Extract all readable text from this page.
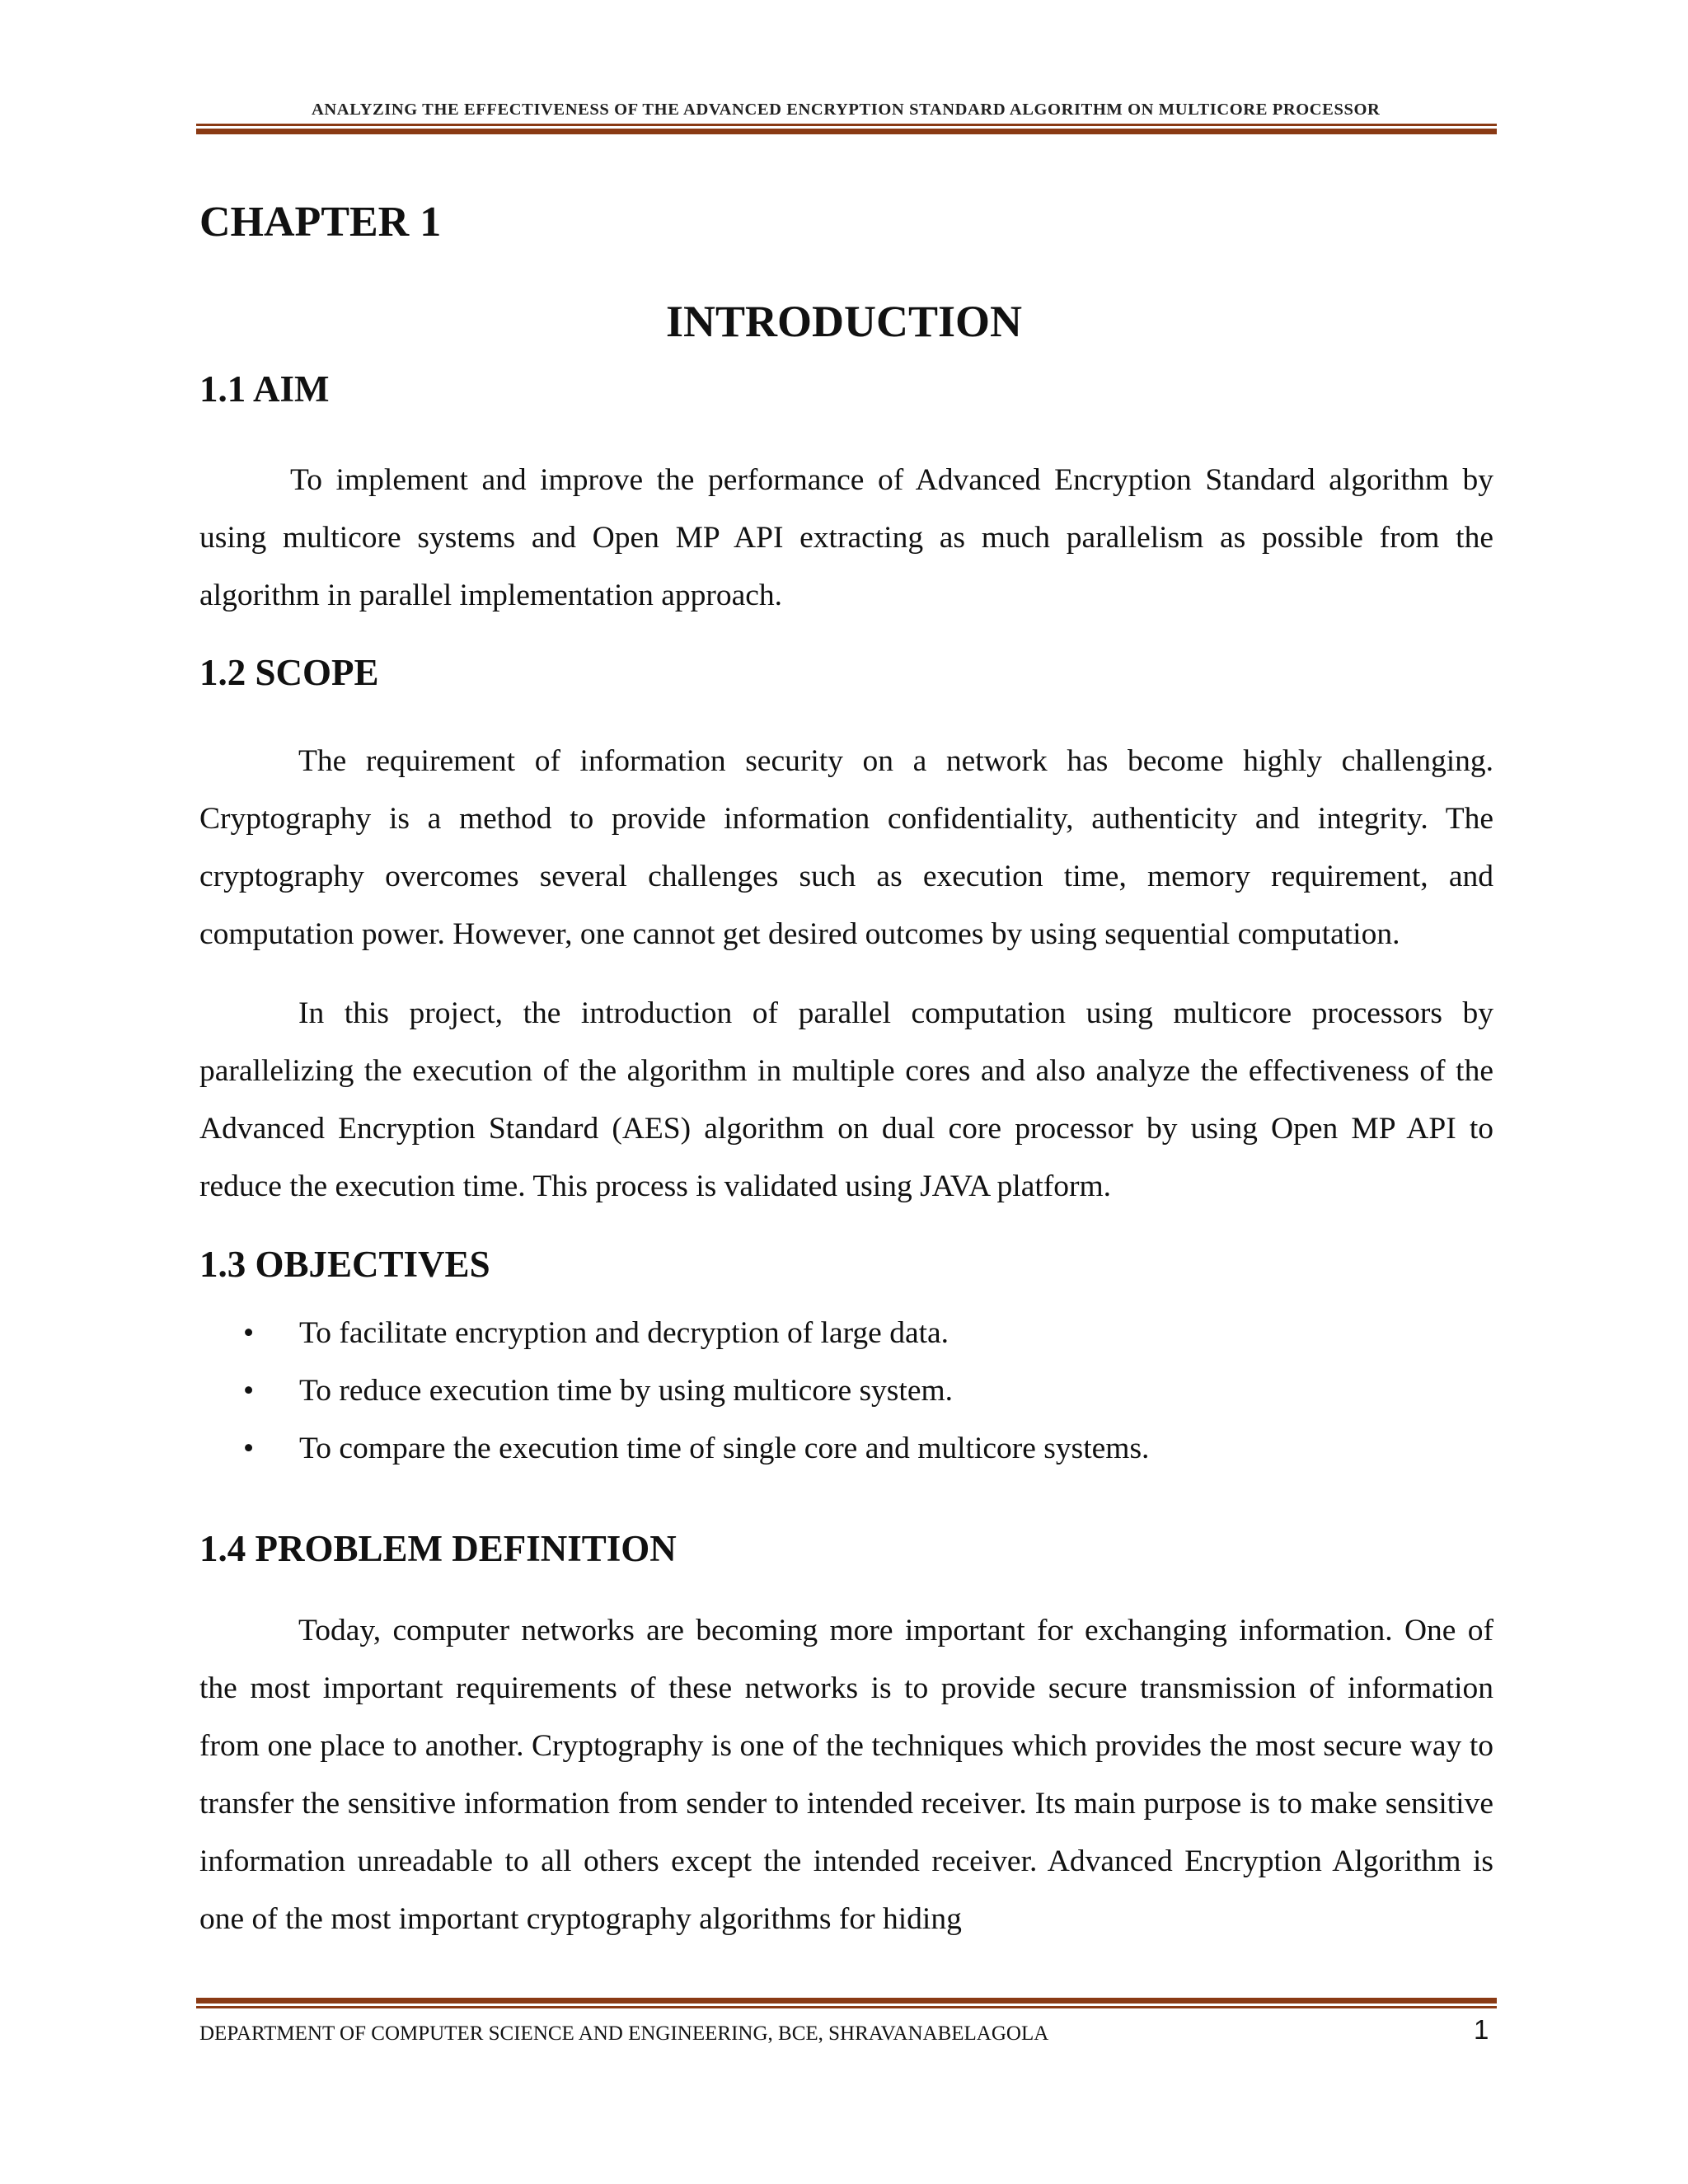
ANALYZING THE EFFECTIVENESS OF THE ADVANCED ENCRYPTION STANDARD ALGORITHM ON MULTICORE PROCESSOR
CHAPTER 1
INTRODUCTION
1.1 AIM
To implement and improve the performance of Advanced Encryption Standard algorithm by using multicore systems and Open MP API extracting as much parallelism as possible from the algorithm in parallel implementation approach.
1.2 SCOPE
The requirement of information security on a network has become highly challenging. Cryptography is a method to provide information confidentiality, authenticity and integrity. The cryptography overcomes several challenges such as execution time, memory requirement, and computation power. However, one cannot get desired outcomes by using sequential computation.
In this project, the introduction of parallel computation using multicore processors by parallelizing the execution of the algorithm in multiple cores and also analyze the effectiveness of the Advanced Encryption Standard (AES) algorithm on dual core processor by using Open MP API to reduce the execution time. This process is validated using JAVA platform.
1.3 OBJECTIVES
• To facilitate encryption and decryption of large data.
• To reduce execution time by using multicore system.
• To compare the execution time of single core and multicore systems.
1.4 PROBLEM DEFINITION
Today, computer networks are becoming more important for exchanging information. One of the most important requirements of these networks is to provide secure transmission of information from one place to another. Cryptography is one of the techniques which provides the most secure way to transfer the sensitive information from sender to intended receiver. Its main purpose is to make sensitive information unreadable to all others except the intended receiver. Advanced Encryption Algorithm is one of the most important cryptography algorithms for hiding
DEPARTMENT OF COMPUTER SCIENCE AND ENGINEERING, BCE, SHRAVANABELAGOLA	1
